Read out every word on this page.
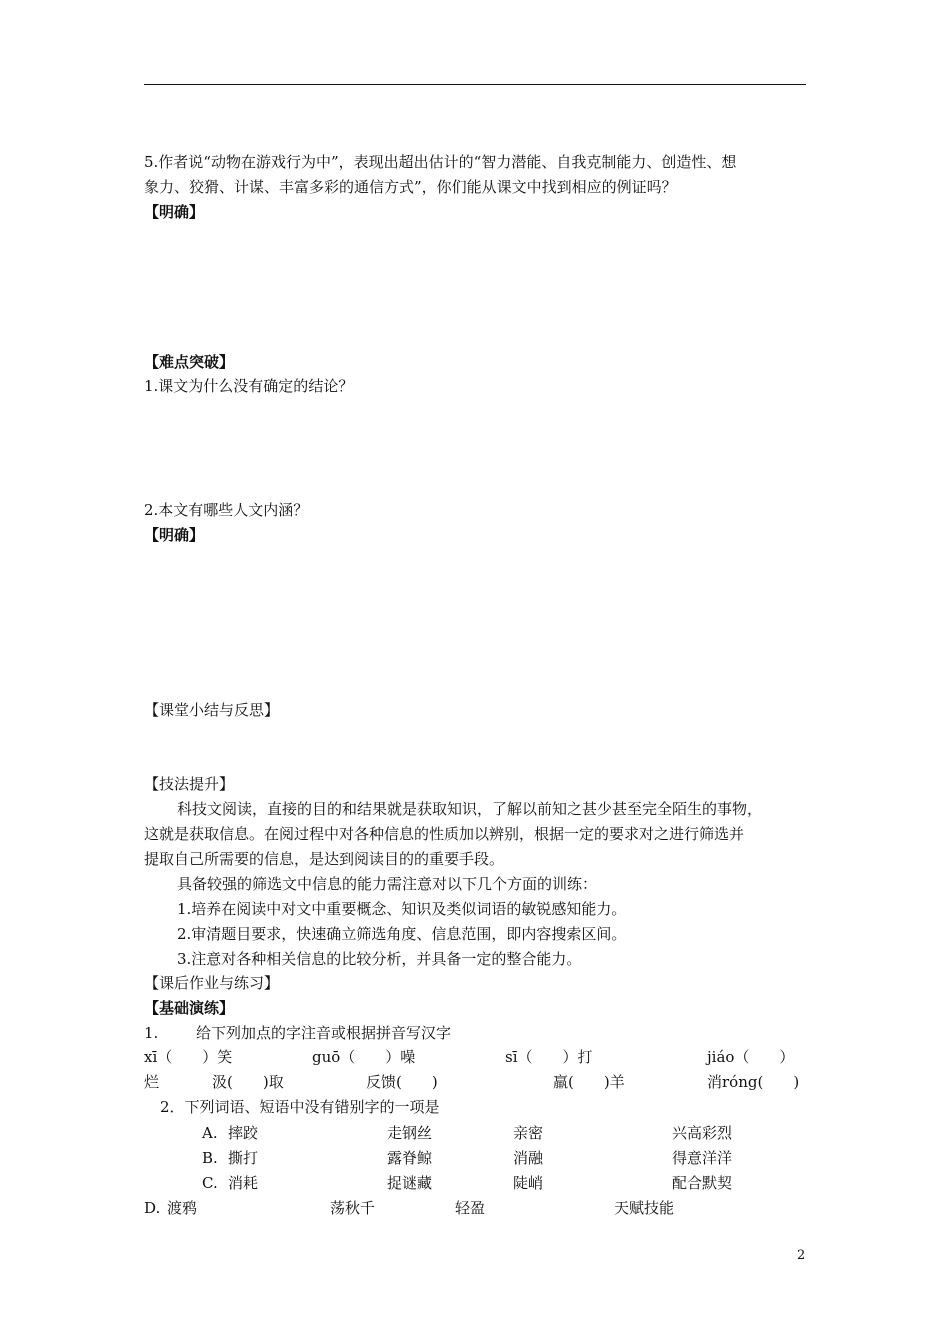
5.作者说“动物在游戏行为中”，表现出超出估计的“智力潜能、自我克制能力、创造性、想
象力、狡猾、计谋、丰富多彩的通信方式”，你们能从课文中找到相应的例证吗？
【明确】
【难点突破】
1.课文为什么没有确定的结论？
2.本文有哪些人文内涵？
【明确】
【课堂小结与反思】
【技法提升】
科技文阅读，直接的目的和结果就是获取知识，了解以前知之甚少甚至完全陌生的事物，
这就是获取信息。在阅过程中对各种信息的性质加以辨别，根据一定的要求对之进行筛选并
提取自己所需要的信息，是达到阅读目的的重要手段。
具备较强的筛选文中信息的能力需注意对以下几个方面的训练：
1.培养在阅读中对文中重要概念、知识及类似词语的敏锐感知能力。
2.审清题目要求，快速确立筛选角度、信息范围，即内容搜索区间。
3.注意对各种相关信息的比较分析，并具备一定的整合能力。
【课后作业与练习】
【基础演练】
1.	给下列加点的字注音或根据拼音写汉字
xī（　　）笑	guō（　　）噪	sī（　　）打	jiáo（　　）
烂	汲(　　)取	反馈(　　)	羸(　　)羊	消róng(　　)
2．下列词语、短语中没有错别字的一项是
A. 摔跤	走钢丝	亲密	兴高彩烈
B. 撕打	露脊鲸	消融	得意洋洋
C. 消耗	捉谜藏	陡峭	配合默契
D. 渡鸦	荡秋千	轻盈	天赋技能
2
